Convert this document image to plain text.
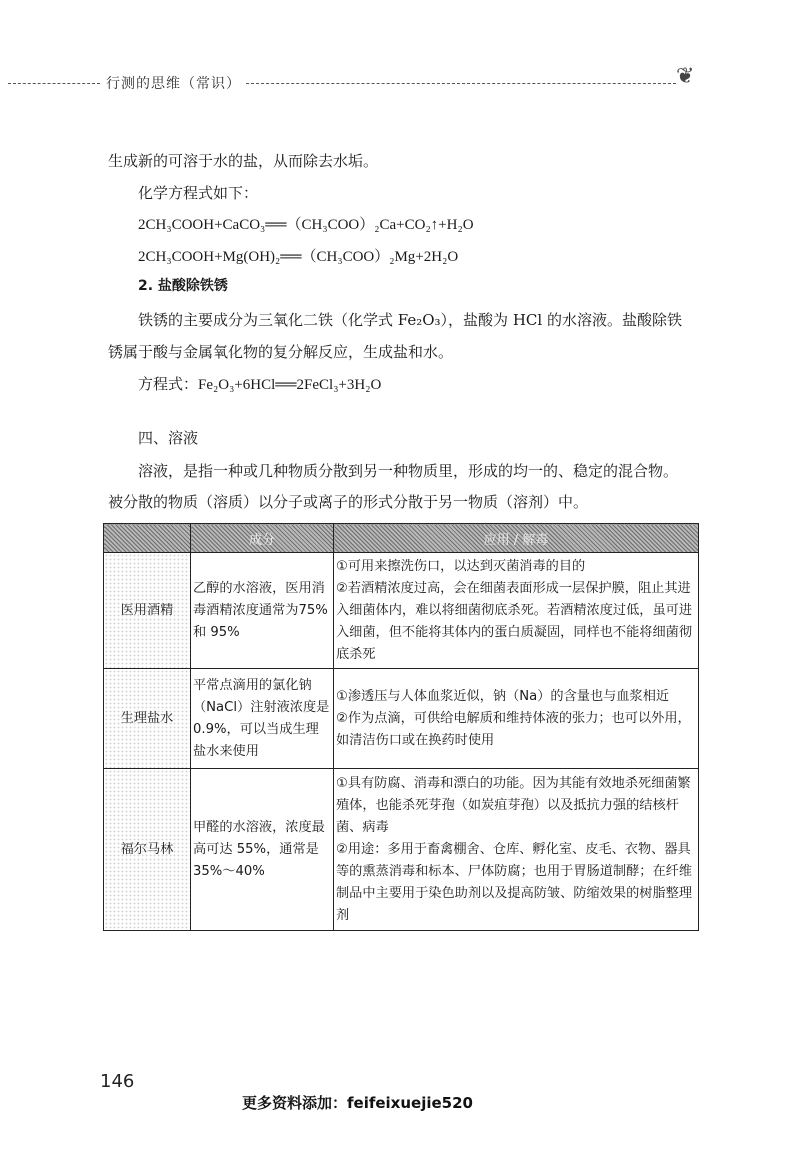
行测的思维（常识）	❦
生成新的可溶于水的盐，从而除去水垢。
化学方程式如下：
2CH₃COOH+CaCO₃══（CH₃COO）₂Ca+CO₂↑+H₂O
2CH₃COOH+Mg(OH)₂══（CH₃COO）₂Mg+2H₂O
2. 盐酸除铁锈
铁锈的主要成分为三氧化二铁（化学式 Fe₂O₃），盐酸为 HCl 的水溶液。盐酸除铁
锈属于酸与金属氧化物的复分解反应，生成盐和水。
方程式：Fe₂O₃+6HCl══2FeCl₃+3H₂O
四、溶液
溶液，是指一种或几种物质分散到另一种物质里，形成的均一的、稳定的混合物。
被分散的物质（溶质）以分子或离子的形式分散于另一物质（溶剂）中。
	成分	应用 / 解毒
医用酒精	乙醇的水溶液，医用消毒酒精浓度通常为75% 和 95%	①可用来擦洗伤口，以达到灭菌消毒的目的
②若酒精浓度过高，会在细菌表面形成一层保护膜，阻止其进入细菌体内，难以将细菌彻底杀死。若酒精浓度过低，虽可进入细菌，但不能将其体内的蛋白质凝固，同样也不能将细菌彻底杀死

生理盐水	平常点滴用的氯化钠（NaCl）注射液浓度是 0.9%，可以当成生理盐水来使用	①渗透压与人体血浆近似，钠（Na）的含量也与血浆相近
②作为点滴，可供给电解质和维持体液的张力；也可以外用，如清洁伤口或在换药时使用

福尔马林	甲醛的水溶液，浓度最高可达 55%，通常是 35%～40%	①具有防腐、消毒和漂白的功能。因为其能有效地杀死细菌繁殖体，也能杀死芽孢（如炭疽芽孢）以及抵抗力强的结核杆菌、病毒
②用途：多用于畜禽棚舍、仓库、孵化室、皮毛、衣物、器具等的熏蒸消毒和标本、尸体防腐；也用于胃肠道制酵；在纤维制品中主要用于染色助剂以及提高防皱、防缩效果的树脂整理剂
146
更多资料添加：feifeixuejie520
